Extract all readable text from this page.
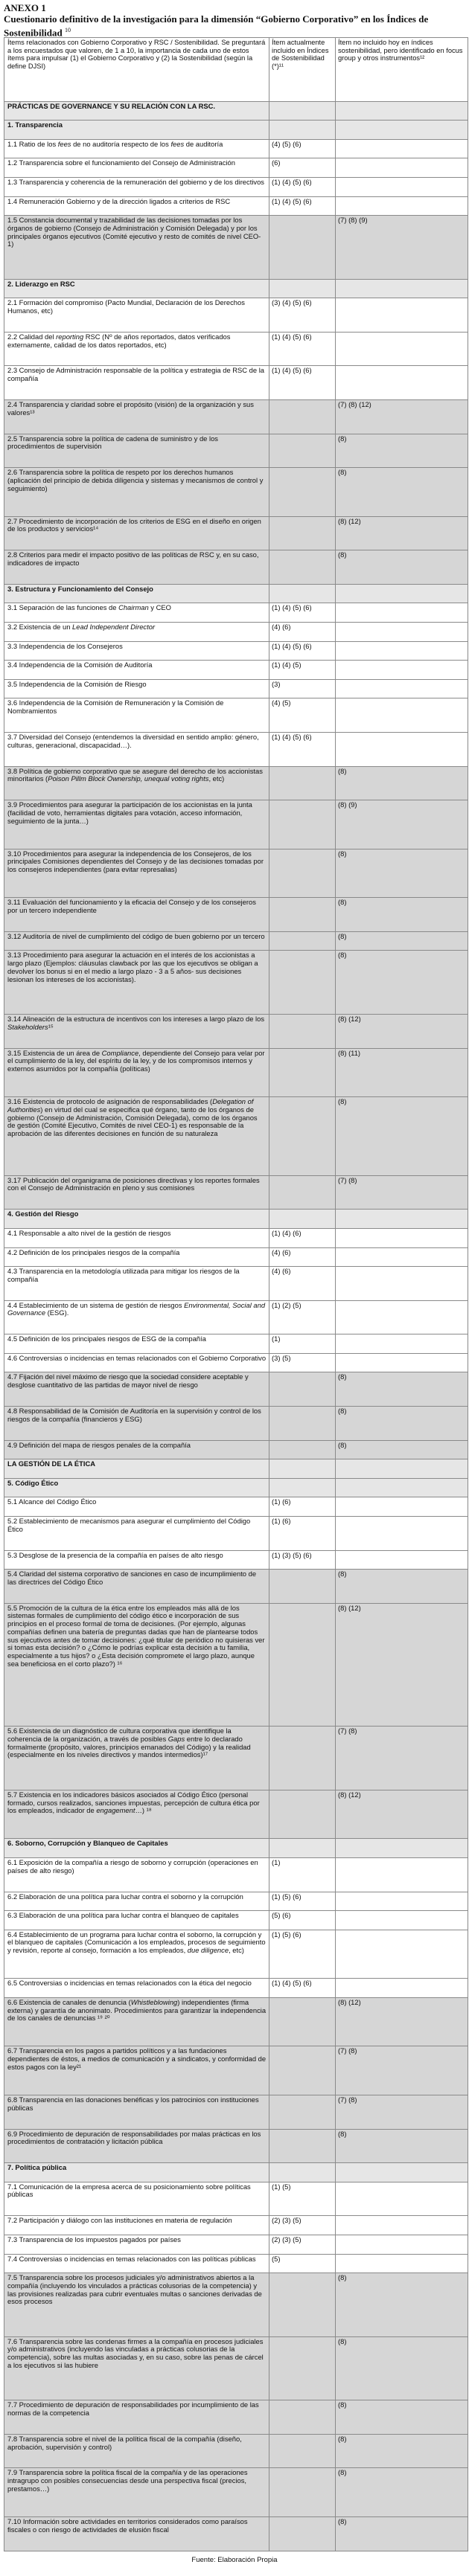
ANEXO 1
Cuestionario definitivo de la investigación para la dimensión “Gobierno Corporativo” en los Índices de Sostenibilidad $^{10}$
Ítems relacionados con Gobierno Corporativo y RSC / Sostenibilidad. Se preguntará a los encuestados que valoren, de 1 a 10, la importancia de cada uno de estos ítems para impulsar (1) el Gobierno Corporativo y (2) la Sostenibilidad (según la define DJSI)	Ítem actualmente incluido en Índices de Sostenibilidad (*)¹¹	Ítem no incluido hoy en índices sostenibilidad, pero identificado en focus group y otros instrumentos¹²
PRÁCTICAS DE GOVERNANCE Y SU RELACIÓN CON LA RSC.		
1. Transparencia		
1.1 Ratio de los fees de no auditoría respecto de los fees de auditoría	(4) (5) (6)	
1.2 Transparencia sobre el funcionamiento del Consejo de Administración	(6)	
1.3 Transparencia y coherencia de la remuneración del gobierno y de los directivos	(1) (4) (5) (6)	
1.4 Remuneración Gobierno y de la dirección ligados a criterios de RSC	(1) (4) (5) (6)	
1.5 Constancia documental y trazabilidad de las decisiones tomadas por los órganos de gobierno (Consejo de Administración y Comisión Delegada) y por los principales órganos ejecutivos (Comité ejecutivo y resto de comités de nivel CEO-1)		(7) (8) (9)
2. Liderazgo en RSC		
2.1 Formación del compromiso (Pacto Mundial, Declaración de los Derechos Humanos, etc)	(3) (4) (5) (6)	
2.2 Calidad del reporting RSC (Nº de años reportados, datos verificados externamente, calidad de los datos reportados, etc)	(1) (4) (5) (6)	
2.3 Consejo de Administración responsable de la política y estrategia de RSC de la compañía	(1) (4) (5) (6)	
2.4 Transparencia y claridad sobre el propósito (visión) de la organización y sus valores¹³		(7) (8) (12)
2.5 Transparencia sobre la política de cadena de suministro y de los procedimientos de supervisión		(8)
2.6 Transparencia sobre la política de respeto por los derechos humanos (aplicación del principio de debida diligencia y sistemas y mecanismos de control y seguimiento)		(8)
2.7 Procedimiento de incorporación de los criterios de ESG en el diseño en origen de los productos y servicios¹⁴		(8) (12)
2.8 Criterios para medir el impacto positivo de las políticas de RSC y, en su caso, indicadores de impacto		(8)
3. Estructura y Funcionamiento del Consejo		
3.1 Separación de las funciones de Chairman y CEO	(1) (4) (5) (6)	
3.2 Existencia de un Lead Independent Director	(4) (6)	
3.3 Independencia de los Consejeros	(1) (4) (5) (6)	
3.4 Independencia de la Comisión de Auditoría	(1) (4) (5)	
3.5 Independencia de la Comisión de Riesgo	(3)	
3.6 Independencia de la Comisión de Remuneración y la Comisión de Nombramientos	(4) (5)	
3.7 Diversidad del Consejo (entendemos la diversidad en sentido amplio: género, culturas, generacional, discapacidad…).	(1) (4) (5) (6)	
3.8 Política de gobierno corporativo que se asegure del derecho de los accionistas minoritarios (Poison Pillm Block Ownership, unequal voting rights, etc)		(8)
3.9 Procedimientos para asegurar la participación de los accionistas en la junta (facilidad de voto, herramientas digitales para votación, acceso información, seguimiento de la junta…)		(8) (9)
3.10 Procedimientos para asegurar la independencia de los Consejeros, de los principales Comisiones dependientes del Consejo y de las decisiones tomadas por los consejeros independientes (para evitar represalias)		(8)
3.11 Evaluación del funcionamiento y la eficacia del Consejo y de los consejeros por un tercero independiente		(8)
3.12 Auditoría de nivel de cumplimiento del código de buen gobierno por un tercero		(8)
3.13 Procedimiento para asegurar la actuación en el interés de los accionistas a largo plazo (Ejemplos: cláusulas clawback por las que los ejecutivos se obligan a devolver los bonus si en el medio a largo plazo - 3 a 5 años- sus decisiones lesionan los intereses de los accionistas).		(8)
3.14 Alineación de la estructura de incentivos con los intereses a largo plazo de los Stakeholders¹⁵		(8) (12)
3.15 Existencia de un área de Compliance, dependiente del Consejo para velar por el cumplimiento de la ley, del espíritu de la ley, y de los compromisos internos y externos asumidos por la compañía (políticas)		(8) (11)
3.16 Existencia de protocolo de asignación de responsabilidades (Delegation of Authorities) en virtud del cual se especifica qué órgano, tanto de los órganos de gobierno (Consejo de Administración, Comisión Delegada), como de los órganos de gestión (Comité Ejecutivo, Comités de nivel CEO-1) es responsable de la aprobación de las diferentes decisiones en función de su naturaleza		(8)
3.17 Publicación del organigrama de posiciones directivas y los reportes formales con el Consejo de Administración en pleno y sus comisiones		(7) (8)
4. Gestión del Riesgo		
4.1 Responsable a alto nivel de la gestión de riesgos	(1) (4) (6)	
4.2 Definición de los principales riesgos de la compañía	(4) (6)	
4.3 Transparencia en la metodología utilizada para mitigar los riesgos de la compañía	(4) (6)	
4.4 Establecimiento de un sistema de gestión de riesgos Environmental, Social and Governance (ESG).	(1) (2) (5)	
4.5 Definición de los principales riesgos de ESG de la compañía	(1)	
4.6 Controversias o incidencias en temas relacionados con el Gobierno Corporativo	(3) (5)	
4.7 Fijación del nivel máximo de riesgo que la sociedad considere aceptable y desglose cuantitativo de las partidas de mayor nivel de riesgo		(8)
4.8 Responsabilidad de la Comisión de Auditoría en la supervisión y control de los riesgos de la compañía (financieros y ESG)		(8)
4.9 Definición del mapa de riesgos penales de la compañía		(8)
LA GESTIÓN DE LA ÉTICA		
5. Código Ético		
5.1 Alcance del Código Ético	(1) (6)	
5.2 Establecimiento de mecanismos para asegurar el cumplimiento del Código Ético	(1) (6)	
5.3 Desglose de la presencia de la compañía en países de alto riesgo	(1) (3) (5) (6)	
5.4 Claridad del sistema corporativo de sanciones en caso de incumplimiento de las directrices del Código Ético		(8)
5.5 Promoción de la cultura de la ética entre los empleados más allá de los sistemas formales de cumplimiento del código ético e incorporación de sus principios en el proceso formal de toma de decisiones. (Por ejemplo, algunas compañías definen una batería de preguntas dadas que han de plantearse todos sus ejecutivos antes de tomar decisiones: ¿qué titular de periódico no quisieras ver si tomas esta decisión? o ¿Cómo le podrías explicar esta decisión a tu familia, especialmente a tus hijos? o ¿Esta decisión compromete el largo plazo, aunque sea beneficiosa en el corto plazo?) ¹⁶		(8) (12)
5.6 Existencia de un diagnóstico de cultura corporativa que identifique la coherencia de la organización, a través de posibles Gaps entre lo declarado formalmente (propósito, valores, principios emanados del Código) y la realidad (especialmente en los niveles directivos y mandos intermedios)¹⁷		(7) (8)
5.7 Existencia en los indicadores básicos asociados al Código Ético (personal formado, cursos realizados, sanciones impuestas, percepción de cultura ética por los empleados, indicador de engagement…) ¹⁸		(8) (12)
6. Soborno, Corrupción y Blanqueo de Capitales		
6.1 Exposición de la compañía a riesgo de soborno y corrupción (operaciones en países de alto riesgo)	(1)	
6.2 Elaboración de una política para luchar contra el soborno y la corrupción	(1) (5) (6)	
6.3 Elaboración de una política para luchar contra el blanqueo de capitales	(5) (6)	
6.4 Establecimiento de un programa para luchar contra el soborno, la corrupción y el blanqueo de capitales (Comunicación a los empleados, procesos de seguimiento y revisión, reporte al consejo, formación a los empleados, due diligence, etc)	(1) (5) (6)	
6.5 Controversias o incidencias en temas relacionados con la ética del negocio	(1) (4) (5) (6)	
6.6 Existencia de canales de denuncia (Whistleblowing) independientes (firma externa) y garantía de anonimato. Procedimientos para garantizar la independencia de los canales de denuncias ¹⁹ ²⁰		(8) (12)
6.7 Transparencia en los pagos a partidos políticos y a las fundaciones dependientes de éstos, a medios de comunicación y a sindicatos, y conformidad de estos pagos con la ley²¹		(7) (8)
6.8 Transparencia en las donaciones benéficas y los patrocinios con instituciones públicas		(7) (8)
6.9 Procedimiento de depuración de responsabilidades por malas prácticas en los procedimientos de contratación y licitación pública		(8)
7. Política pública		
7.1 Comunicación de la empresa acerca de su posicionamiento sobre políticas públicas	(1) (5)	
7.2 Participación y diálogo con las instituciones en materia de regulación	(2) (3) (5)	
7.3 Transparencia de los impuestos pagados por países	(2) (3) (5)	
7.4 Controversias o incidencias en temas relacionados con las políticas públicas	(5)	
7.5 Transparencia sobre los procesos judiciales y/o administrativos abiertos a la compañía (incluyendo los vinculados a prácticas colusorias de la competencia) y las provisiones realizadas para cubrir eventuales multas o sanciones derivadas de esos procesos		(8)
7.6 Transparencia sobre las condenas firmes a la compañía en procesos judiciales y/o administrativos (incluyendo las vinculadas a prácticas colusorias de la competencia), sobre las multas asociadas y, en su caso, sobre las penas de cárcel a los ejecutivos si las hubiere		(8)
7.7 Procedimiento de depuración de responsabilidades por incumplimiento de las normas de la competencia		(8)
7.8 Transparencia sobre el nivel de la política fiscal de la compañía (diseño, aprobación, supervisión y control)		(8)
7.9 Transparencia sobre la política fiscal de la compañía y de las operaciones intragrupo con posibles consecuencias desde una perspectiva fiscal (precios, prestamos…)		(8)
7.10 Información sobre actividades en territorios considerados como paraísos fiscales o con riesgo de actividades de elusión fiscal		(8)
Fuente: Elaboración Propia
